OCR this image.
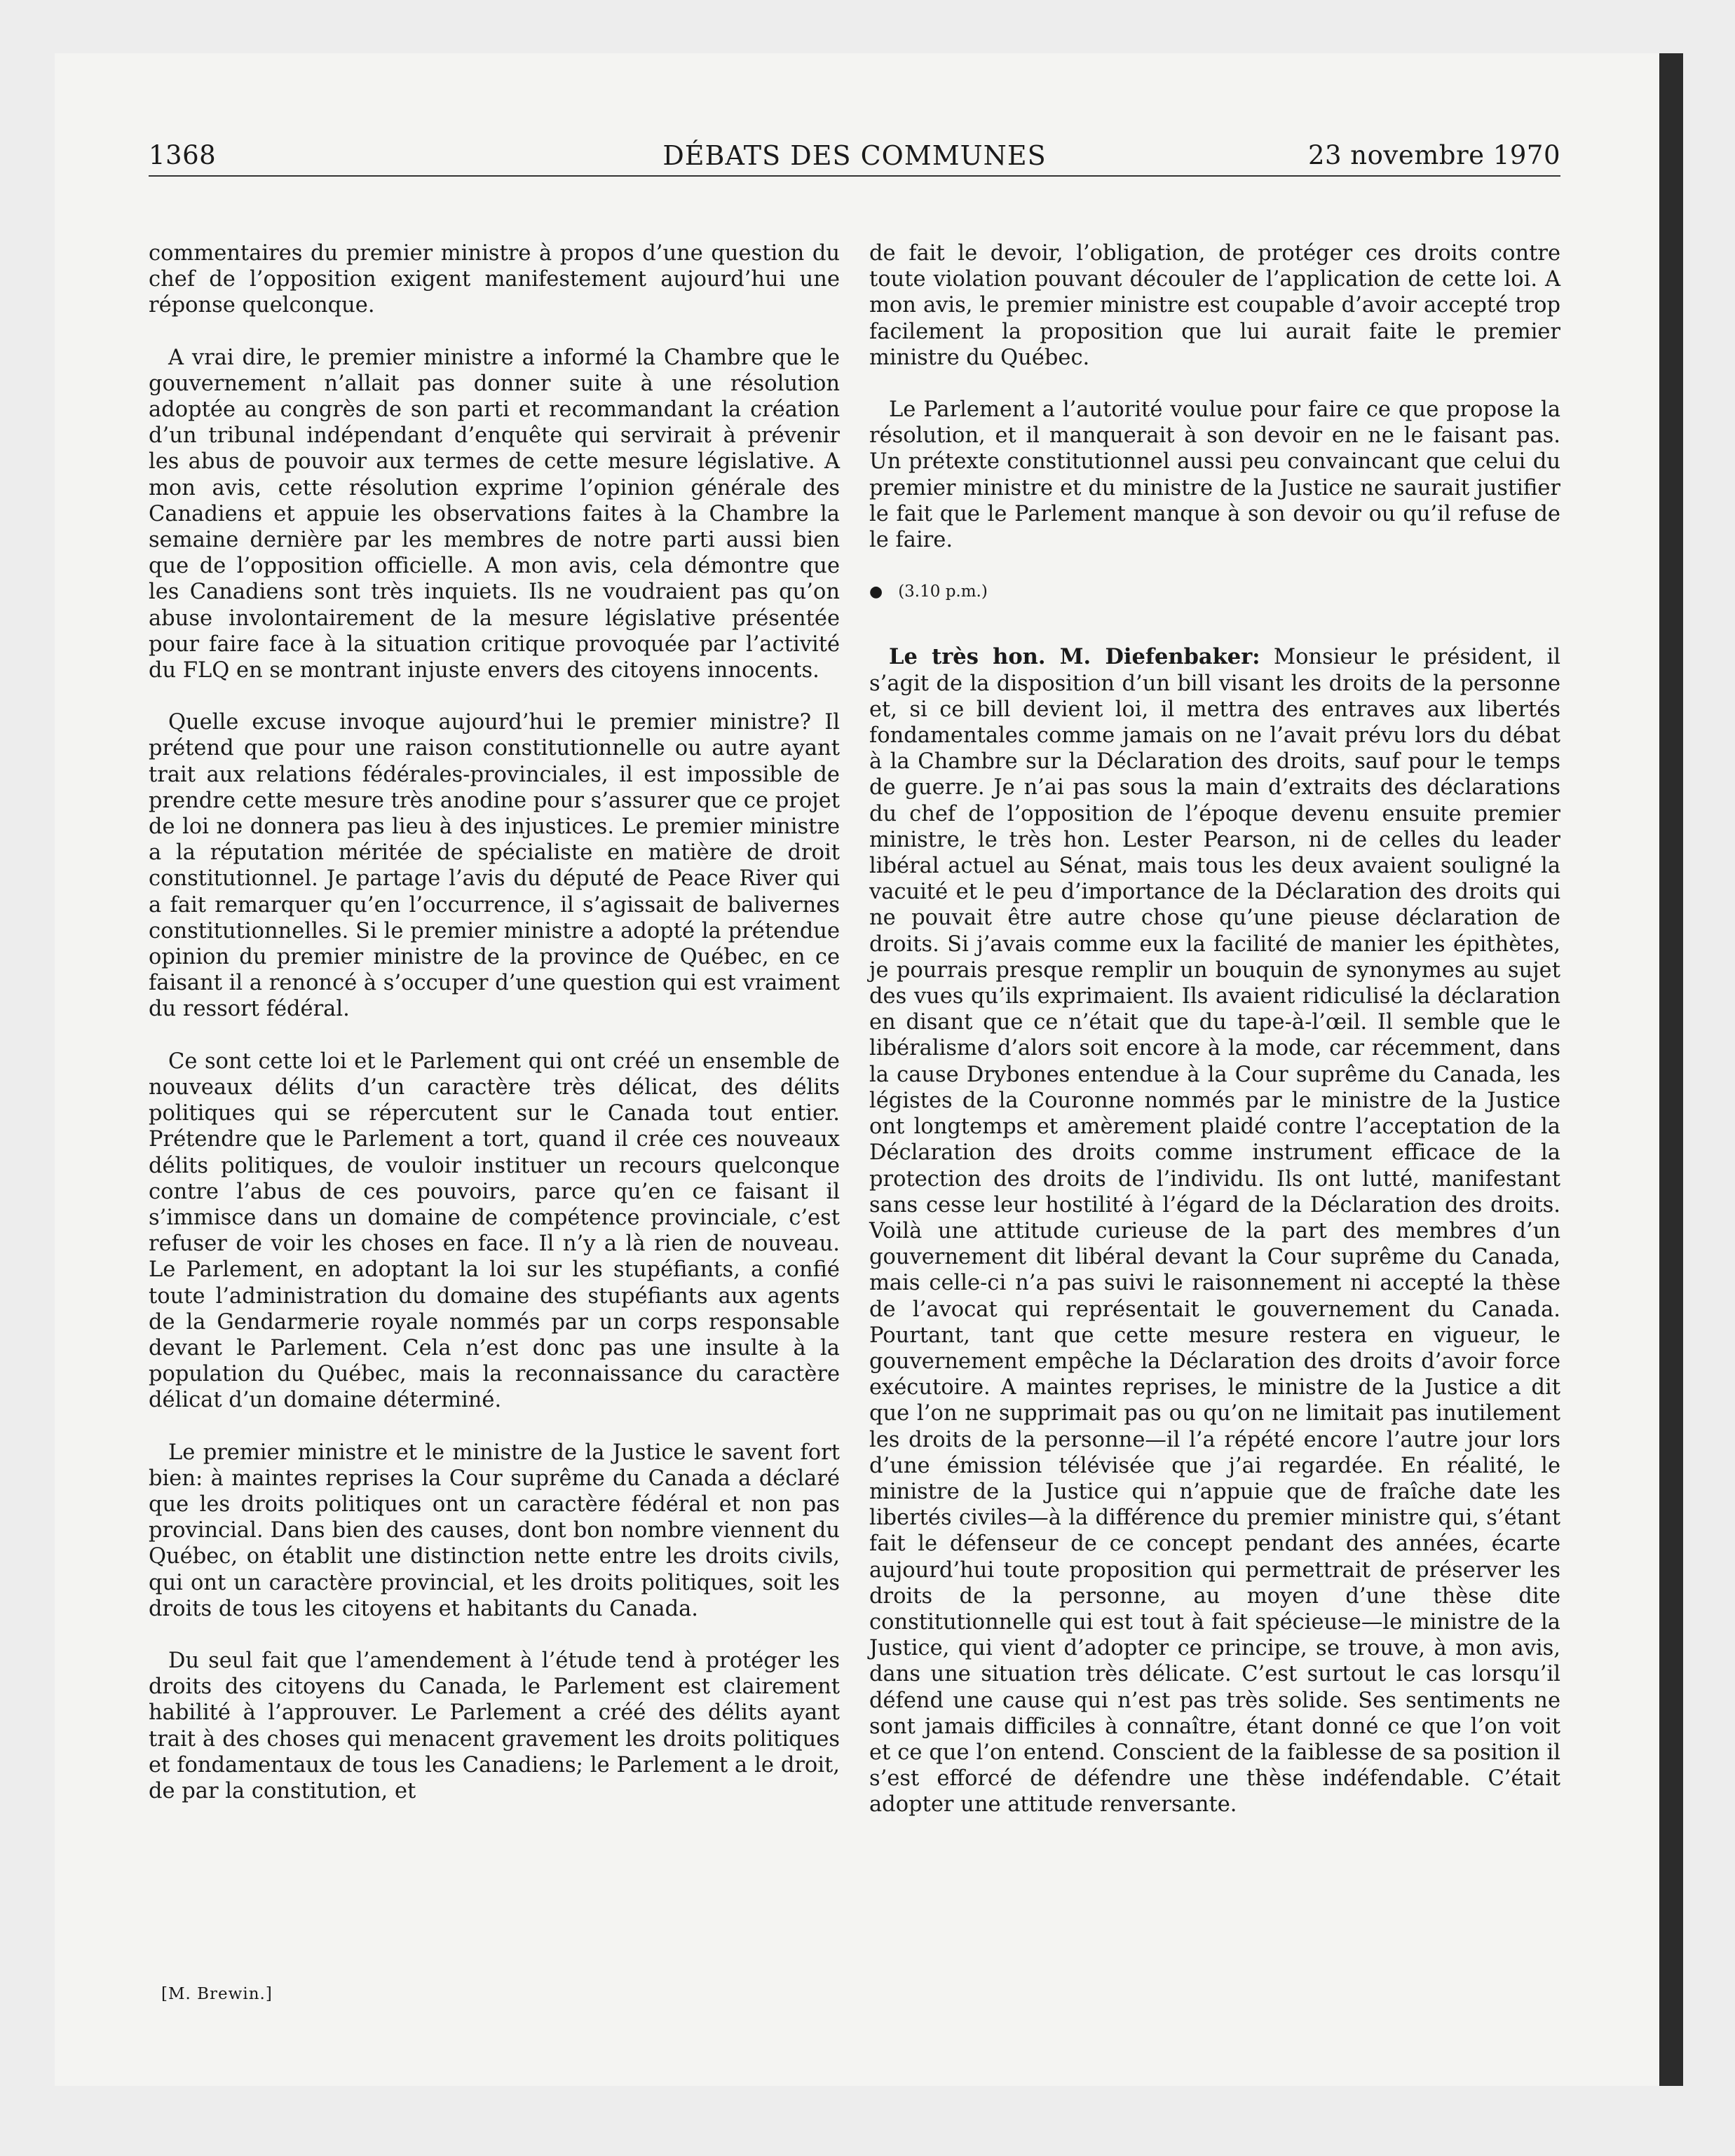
1368	DÉBATS DES COMMUNES	23 novembre 1970

commentaires du premier ministre à propos d’une question du chef de l’opposition exigent manifestement aujourd’hui une réponse quelconque.

A vrai dire, le premier ministre a informé la Chambre que le gouvernement n’allait pas donner suite à une résolution adoptée au congrès de son parti et recommandant la création d’un tribunal indépendant d’enquête qui servirait à prévenir les abus de pouvoir aux termes de cette mesure législative. A mon avis, cette résolution exprime l’opinion générale des Canadiens et appuie les observations faites à la Chambre la semaine dernière par les membres de notre parti aussi bien que de l’opposition officielle. A mon avis, cela démontre que les Canadiens sont très inquiets. Ils ne voudraient pas qu’on abuse involontairement de la mesure législative présentée pour faire face à la situation critique provoquée par l’activité du FLQ en se montrant injuste envers des citoyens innocents.

Quelle excuse invoque aujourd’hui le premier ministre? Il prétend que pour une raison constitutionnelle ou autre ayant trait aux relations fédérales-provinciales, il est impossible de prendre cette mesure très anodine pour s’assurer que ce projet de loi ne donnera pas lieu à des injustices. Le premier ministre a la réputation méritée de spécialiste en matière de droit constitutionnel. Je partage l’avis du député de Peace River qui a fait remarquer qu’en l’occurrence, il s’agissait de balivernes constitutionnelles. Si le premier ministre a adopté la prétendue opinion du premier ministre de la province de Québec, en ce faisant il a renoncé à s’occuper d’une question qui est vraiment du ressort fédéral.

Ce sont cette loi et le Parlement qui ont créé un ensemble de nouveaux délits d’un caractère très délicat, des délits politiques qui se répercutent sur le Canada tout entier. Prétendre que le Parlement a tort, quand il crée ces nouveaux délits politiques, de vouloir instituer un recours quelconque contre l’abus de ces pouvoirs, parce qu’en ce faisant il s’immisce dans un domaine de compétence provinciale, c’est refuser de voir les choses en face. Il n’y a là rien de nouveau. Le Parlement, en adoptant la loi sur les stupéfiants, a confié toute l’administration du domaine des stupéfiants aux agents de la Gendarmerie royale nommés par un corps responsable devant le Parlement. Cela n’est donc pas une insulte à la population du Québec, mais la reconnaissance du caractère délicat d’un domaine déterminé.

Le premier ministre et le ministre de la Justice le savent fort bien: à maintes reprises la Cour suprême du Canada a déclaré que les droits politiques ont un caractère fédéral et non pas provincial. Dans bien des causes, dont bon nombre viennent du Québec, on établit une distinction nette entre les droits civils, qui ont un caractère provincial, et les droits politiques, soit les droits de tous les citoyens et habitants du Canada.

Du seul fait que l’amendement à l’étude tend à protéger les droits des citoyens du Canada, le Parlement est clairement habilité à l’approuver. Le Parlement a créé des délits ayant trait à des choses qui menacent gravement les droits politiques et fondamentaux de tous les Canadiens; le Parlement a le droit, de par la constitution, et

de fait le devoir, l’obligation, de protéger ces droits contre toute violation pouvant découler de l’application de cette loi. A mon avis, le premier ministre est coupable d’avoir accepté trop facilement la proposition que lui aurait faite le premier ministre du Québec.

Le Parlement a l’autorité voulue pour faire ce que propose la résolution, et il manquerait à son devoir en ne le faisant pas. Un prétexte constitutionnel aussi peu convaincant que celui du premier ministre et du ministre de la Justice ne saurait justifier le fait que le Parlement manque à son devoir ou qu’il refuse de le faire.

● (3.10 p.m.)

Le très hon. M. Diefenbaker: Monsieur le président, il s’agit de la disposition d’un bill visant les droits de la personne et, si ce bill devient loi, il mettra des entraves aux libertés fondamentales comme jamais on ne l’avait prévu lors du débat à la Chambre sur la Déclaration des droits, sauf pour le temps de guerre. Je n’ai pas sous la main d’extraits des déclarations du chef de l’opposition de l’époque devenu ensuite premier ministre, le très hon. Lester Pearson, ni de celles du leader libéral actuel au Sénat, mais tous les deux avaient souligné la vacuité et le peu d’importance de la Déclaration des droits qui ne pouvait être autre chose qu’une pieuse déclaration de droits. Si j’avais comme eux la facilité de manier les épithètes, je pourrais presque remplir un bouquin de synonymes au sujet des vues qu’ils exprimaient. Ils avaient ridiculisé la déclaration en disant que ce n’était que du tape-à-l’œil. Il semble que le libéralisme d’alors soit encore à la mode, car récemment, dans la cause Drybones entendue à la Cour suprême du Canada, les légistes de la Couronne nommés par le ministre de la Justice ont longtemps et amèrement plaidé contre l’acceptation de la Déclaration des droits comme instrument efficace de la protection des droits de l’individu. Ils ont lutté, manifestant sans cesse leur hostilité à l’égard de la Déclaration des droits. Voilà une attitude curieuse de la part des membres d’un gouvernement dit libéral devant la Cour suprême du Canada, mais celle-ci n’a pas suivi le raisonnement ni accepté la thèse de l’avocat qui représentait le gouvernement du Canada. Pourtant, tant que cette mesure restera en vigueur, le gouvernement empêche la Déclaration des droits d’avoir force exécutoire. A maintes reprises, le ministre de la Justice a dit que l’on ne supprimait pas ou qu’on ne limitait pas inutilement les droits de la personne—il l’a répété encore l’autre jour lors d’une émission télévisée que j’ai regardée. En réalité, le ministre de la Justice qui n’appuie que de fraîche date les libertés civiles—à la différence du premier ministre qui, s’étant fait le défenseur de ce concept pendant des années, écarte aujourd’hui toute proposition qui permettrait de préserver les droits de la personne, au moyen d’une thèse dite constitutionnelle qui est tout à fait spécieuse—le ministre de la Justice, qui vient d’adopter ce principe, se trouve, à mon avis, dans une situation très délicate. C’est surtout le cas lorsqu’il défend une cause qui n’est pas très solide. Ses sentiments ne sont jamais difficiles à connaître, étant donné ce que l’on voit et ce que l’on entend. Conscient de la faiblesse de sa position il s’est efforcé de défendre une thèse indéfendable. C’était adopter une attitude renversante.

[M. Brewin.]
